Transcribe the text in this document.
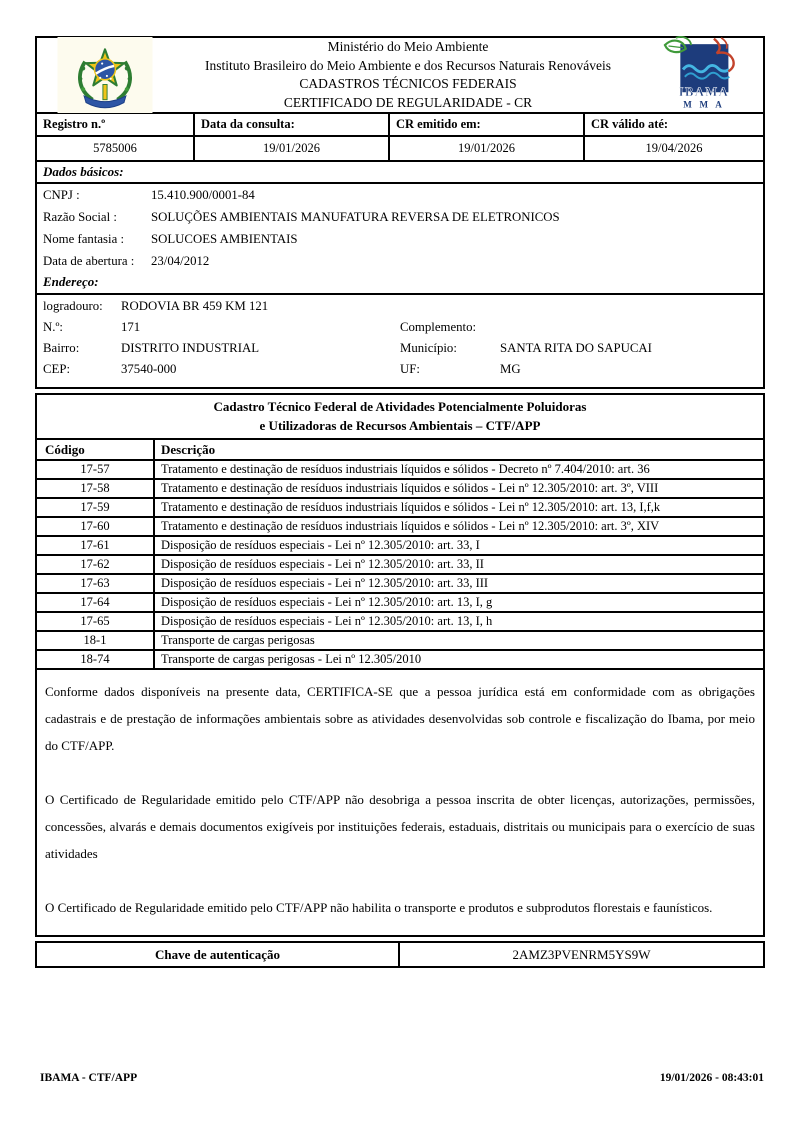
Ministério do Meio Ambiente
Instituto Brasileiro do Meio Ambiente e dos Recursos Naturais Renováveis
CADASTROS TÉCNICOS FEDERAIS
CERTIFICADO DE REGULARIDADE - CR
IBAMA
M M A
Registro n.º	Data da consulta:	CR emitido em:	CR válido até:
5785006	19/01/2026	19/01/2026	19/04/2026
Dados básicos:
CNPJ :	15.410.900/0001-84
Razão Social :	SOLUÇÕES AMBIENTAIS MANUFATURA REVERSA DE ELETRONICOS
Nome fantasia :	SOLUCOES AMBIENTAIS
Data de abertura :	23/04/2012
Endereço:
logradouro:	RODOVIA BR 459 KM 121
N.º:	171	Complemento:
Bairro:	DISTRITO INDUSTRIAL	Município:	SANTA RITA DO SAPUCAI
CEP:	37540-000	UF:	MG
Cadastro Técnico Federal de Atividades Potencialmente Poluidoras
e Utilizadoras de Recursos Ambientais – CTF/APP
Código	Descrição
17-57	Tratamento e destinação de resíduos industriais líquidos e sólidos - Decreto nº 7.404/2010: art. 36
17-58	Tratamento e destinação de resíduos industriais líquidos e sólidos - Lei nº 12.305/2010: art. 3º, VIII
17-59	Tratamento e destinação de resíduos industriais líquidos e sólidos - Lei nº 12.305/2010: art. 13, I,f,k
17-60	Tratamento e destinação de resíduos industriais líquidos e sólidos - Lei nº 12.305/2010: art. 3º, XIV
17-61	Disposição de resíduos especiais - Lei nº 12.305/2010: art. 33, I
17-62	Disposição de resíduos especiais - Lei nº 12.305/2010: art. 33, II
17-63	Disposição de resíduos especiais - Lei nº 12.305/2010: art. 33, III
17-64	Disposição de resíduos especiais - Lei nº 12.305/2010: art. 13, I, g
17-65	Disposição de resíduos especiais - Lei nº 12.305/2010: art. 13, I, h
18-1	Transporte de cargas perigosas
18-74	Transporte de cargas perigosas - Lei nº 12.305/2010

Conforme dados disponíveis na presente data, CERTIFICA-SE que a pessoa jurídica está em conformidade com as obrigações cadastrais e de prestação de informações ambientais sobre as atividades desenvolvidas sob controle e fiscalização do Ibama, por meio do CTF/APP.

O Certificado de Regularidade emitido pelo CTF/APP não desobriga a pessoa inscrita de obter licenças, autorizações, permissões, concessões, alvarás e demais documentos exigíveis por instituições federais, estaduais, distritais ou municipais para o exercício de suas atividades

O Certificado de Regularidade emitido pelo CTF/APP não habilita o transporte e produtos e subprodutos florestais e faunísticos.

Chave de autenticação	2AMZ3PVENRM5YS9W
IBAMA - CTF/APP	19/01/2026 - 08:43:01
